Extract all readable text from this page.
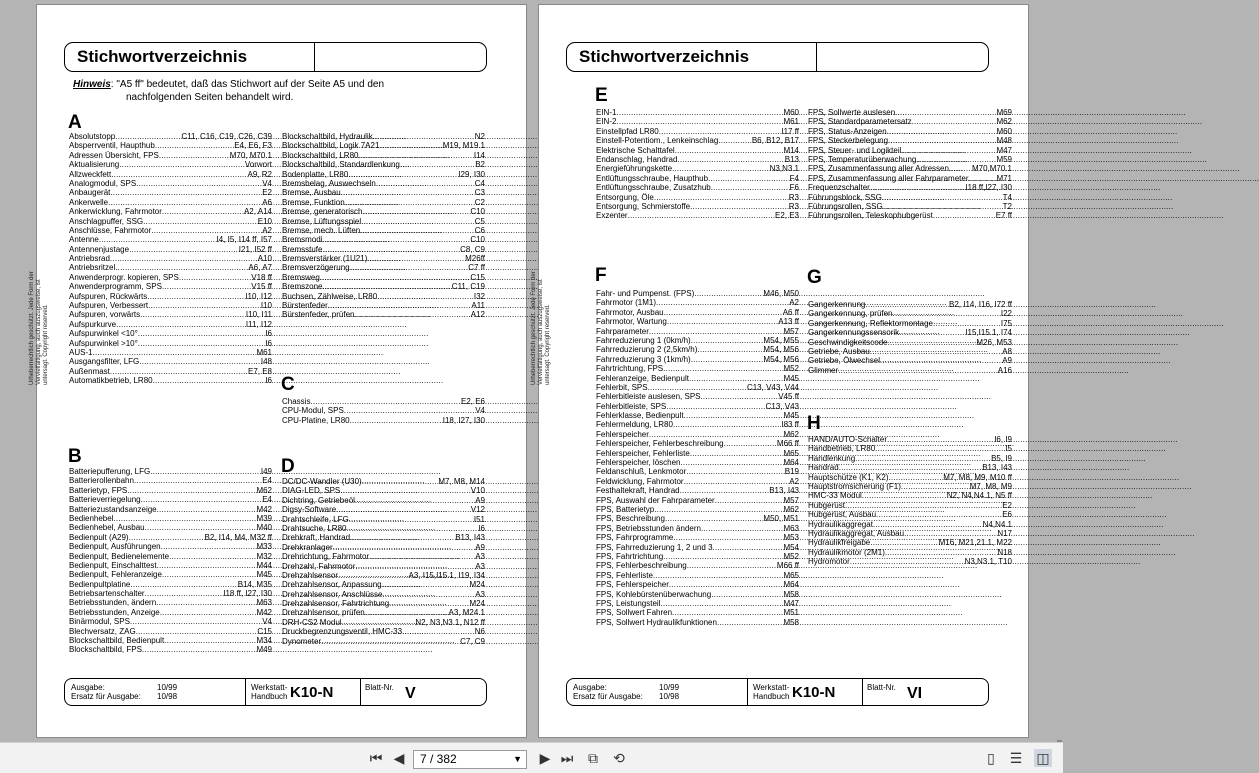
Stichwortverzeichnis
Hinweis: "A5 ff" bedeutet, daß das Stichwort auf der Seite A5 und den
nachfolgenden Seiten behandelt wird.
Urheberrechtlich geschützt. Jede Form der Vervielfältigung, auch auszugsweise, ist untersagt. Copyright reserved.
A
Absolutstopp .....	C11, C16, C19, C26, C39
Absperrventil, Haupthub .....	E4, E6, F3
Adressen Übersicht, FPS .....	M70, M70.1
Aktualisierung .....	Vorwort
Allzweckfett .....	A9, R2
Analogmodul, SPS .....	V4
Anbaugerät .....	E2
Ankerwelle .....	A6
Ankerwicklung, Fahrmotor .....	A2, A14
Anschlagpuffer, SSG .....	E10
Anschlüsse, Fahrmotor .....	A2
Antenne .....	I4, I5, I14 ff, I57
Antennenjustage .....	I21, I52 ff
Antriebsrad .....	A10
Antriebsritzel .....	A6, A7
Anwenderprogr. kopieren, SPS .....	V18 ff
Anwenderprogramm, SPS .....	V15 ff
Aufspuren, Rückwärts .....	I10, I12
Aufspuren, Verbessert .....	I10
Aufspuren, vorwärts .....	I10, I11
Aufspurkurve .....	I11, I12
Aufspurwinkel <10° .....	I6
Aufspurwinkel >10° .....	I6
AUS-1 .....	M61
Ausgangsfilter, LFG .....	I48
Außenmast .....	E7, E8
Automatikbetrieb, LR80 .....	I6
Blockschaltbild, Hydraulik .....	N2
Blockschaltbild, Logik 7A21 .....	M19, M19.1
Blockschaltbild, LR80 .....	I14
Blockschaltbild, Standardlenkung .....	B2
Bodenplatte, LR80 .....	I29, I30
Bremsbelag, Auswechseln .....	C4
Bremse, Ausbau .....	C3
Bremse, Funktion .....	C2
Bremse, generatorisch .....	C10
Bremse, Lüftungsspiel .....	C5
Bremse, mech. Lüften .....	C6
Bremsmodi .....	C10
Bremsstufe .....	C8, C9
Bremsverstärker (1U21) .....	M26ff
Bremsverzögerung .....	C7 ff
Bremsweg .....	C15
Bremszone .....	C11, C19
Buchsen, Zählweise, LR80 .....	I32
Bürstenfeder .....	A11
Bürstenfeder, prüfen .....	A12
C
Chassis .....	E2, E6
CPU-Modul, SPS .....	V4
CPU-Platine, LR80 .....	I18, I27, I30
B
Batteriepufferung, LFG .....	I49
Batterierollenbahn .....	E4
Batterietyp, FPS .....	M62
Batterieverriegelung .....	E4
Batteriezustandsanzeige .....	M42
Bedienhebel .....	M39
Bedienhebel, Ausbau .....	M40
Bedienpult (A29) .....	B2, I14, M4, M32 ff
Bedienpult, Ausführungen .....	M33
Bedienpult, Bedienelemente .....	M32
Bedienpult, Einschalttest .....	M44
Bedienpult, Fehleranzeige .....	M45
Bedienpultplatine .....	B14, M35
Betriebsartenschalter .....	I18 ff, I27, I30
Betriebsstunden, ändern .....	M63
Betriebsstunden, Anzeige .....	M42
Binärmodul, SPS .....	V4
Blechversatz, ZAG .....	C15
Blockschaltbild, Bedienpult .....	M34
Blockschaltbild, FPS .....	M49
D
DC/DC-Wandler (U30) .....	M7, M8, M14
DIAG-LED, SPS .....	V10
Dichtring, Getriebeöl .....	A9
Digsy-Software .....	V12
Drahtschleife, LFG .....	I51
Drahtsuche, LR80 .....	I6
Drehkraft, Handrad .....	B13, I43
Drehkranlager .....	A9
Drehrichtung, Fahrmotor .....	A3
Drehzahl, Fahrmotor .....	A3
Drehzahlsensor .....	A3, I15,I15.1, I19, I34
Drehzahlsensor, Anpassung .....	M24
Drehzahlsensor, Anschlüsse .....	A3
Drehzahlsensor, Fahrtrichtung .....	M24
Drehzahlsensor, prüfen .....	A3, M24.1
DRH-CS2 Modul .....	N2, N3,N3.1, N12 ff
Druckbegrenzungsventil, HMC-33 .....	N6
Dynometer .....	C7, C9
Ausgabe:
Ersatz für Ausgabe:
10/99
10/98
Werkstatt-
Handbuch K10-N	Blatt-Nr. V
Stichwortverzeichnis
Urheberrechtlich geschützt. Jede Form der Vervielfältigung, auch auszugsweise, ist untersagt. Copyright reserved.
E
EIN-1 .....	M60
EIN-2 .....	M61
Einstellpfad LR80 .....	I17 ff
Einstell-Potentiom., Lenkeinschlag .....	B6, B12, B17
Elektrische Schalttafel .....	M14
Endanschlag, Handrad .....	B13
Energieführungskette .....	N3,N3.1
Entlüftungsschraube, Haupthub .....	F4
Entlüftungsschraube, Zusatzhub .....	F6
Entsorgung, Öle .....	R3
Entsorgung, Schmierstoffe .....	R3
Exzenter .....	E2, E3
FPS, Sollwerte auslesen .....	M69
FPS, Standardparametersatz .....	M62
FPS, Status-Anzeigen .....	M60
FPS, Steckerbelegung .....	M48
FPS, Steuer- und Logikteil .....	M47
FPS, Temperaturüberwachung .....	M59
FPS, Zusammenfassung aller Adressen .....	M70,M70.1
FPS, Zusammenfassung aller Fahrparameter .....	M71
Frequenzschalter .....	I18 ff,I27, I30
Führungsblock, SSG .....	T4
Führungsrollen, SSG .....	T2
Führungsrollen, Teleskophubgerüst .....	E7 ff
F
Fahr- und Pumpenst. (FPS) .....	M46, M50
Fahrmotor (1M1) .....	A2
Fahrmotor, Ausbau .....	A6 ff
Fahrmotor, Wartung .....	A13 ff
Fahrparameter .....	M57
Fahrreduzierung 1 (0km/h) .....	M54, M55
Fahrreduzierung 2 (2,5km/h) .....	M54, M56
Fahrreduzierung 3 (1km/h) .....	M54, M56
Fahrtrichtung, FPS .....	M52
Fehleranzeige, Bedienpult .....	M45
Fehlerbit, SPS .....	C13, V43, V44
Fehlerbitleiste auslesen, SPS .....	V45 ff
Fehlerbitleiste, SPS .....	C13, V43
Fehlerklasse, Bedienpult .....	M45
Fehlermeldung, LR80 .....	I83 ff
Fehlerspeicher .....	M62
Fehlerspeicher, Fehlerbeschreibung .....	M66 ff
Fehlerspeicher, Fehlerliste .....	M65
Fehlerspeicher, löschen .....	M64
Feldanschluß, Lenkmotor .....	B19
Feldwicklung, Fahrmotor .....	A2
Festhaltekraft, Handrad .....	B13, I43
FPS, Auswahl der Fahrparameter .....	M57
FPS, Batterietyp .....	M62
FPS, Beschreibung .....	M50, M51
FPS, Betriebsstunden ändern .....	M63
FPS, Fahrprogramme .....	M53
FPS, Fahrreduzierung 1, 2 und 3 .....	M54
FPS, Fahrtrichtung .....	M52
FPS, Fehlerbeschreibung .....	M66 ff
FPS, Fehlerliste .....	M65
FPS, Fehlerspeicher .....	M64
FPS, Kohlebürstenüberwachung .....	M58
FPS, Leistungsteil .....	M47
FPS, Sollwert Fahren .....	M51
FPS, Sollwert Hydraulikfunktionen .....	M58
G
Gangerkennung .....	B2, I14, I16, I72 ff
Gangerkennung, prüfen .....	I22
Gangerkennung, Reflektormontage .....	I75
Gangerkennungssensorik .....	I15,I15.1, I74
Geschwindigkeitscode .....	M26, M53
Getriebe, Ausbau .....	A8
Getriebe, Ölwechsel .....	A9
Glimmer .....	A16
H
HAND/AUTO-Schalter .....	I6, I9
Handbetrieb, LR80 .....	I5
Handlenkung .....	B5, I9
Handrad .....	B13, I43
Hauptschütze (K1, K2) .....	M7, M8, M9, M10 ff
Hauptstromsicherung (F1) .....	M7, M8, M9
HMC-33 Modul .....	N2, N4,N4.1, N5 ff
Hubgerüst .....	E2
Hubgerüst, Ausbau .....	E6
Hydraulikaggregat .....	N4,N4.1
Hydraulikaggregat, Ausbau .....	N17
Hydraulikfreigabe .....	M16, M21,21.1, M22
Hydraulikmotor (2M1) .....	N18
Hydromotor .....	N3,N3.1, T10
Ausgabe:
Ersatz für Ausgabe:
10/99
10/98
Werkstatt-
Handbuch K10-N	Blatt-Nr. VI
⏮ ◀	7 / 382	▼ ▶ ⏭ ⧉ ⟲	▯	☰ ◫
